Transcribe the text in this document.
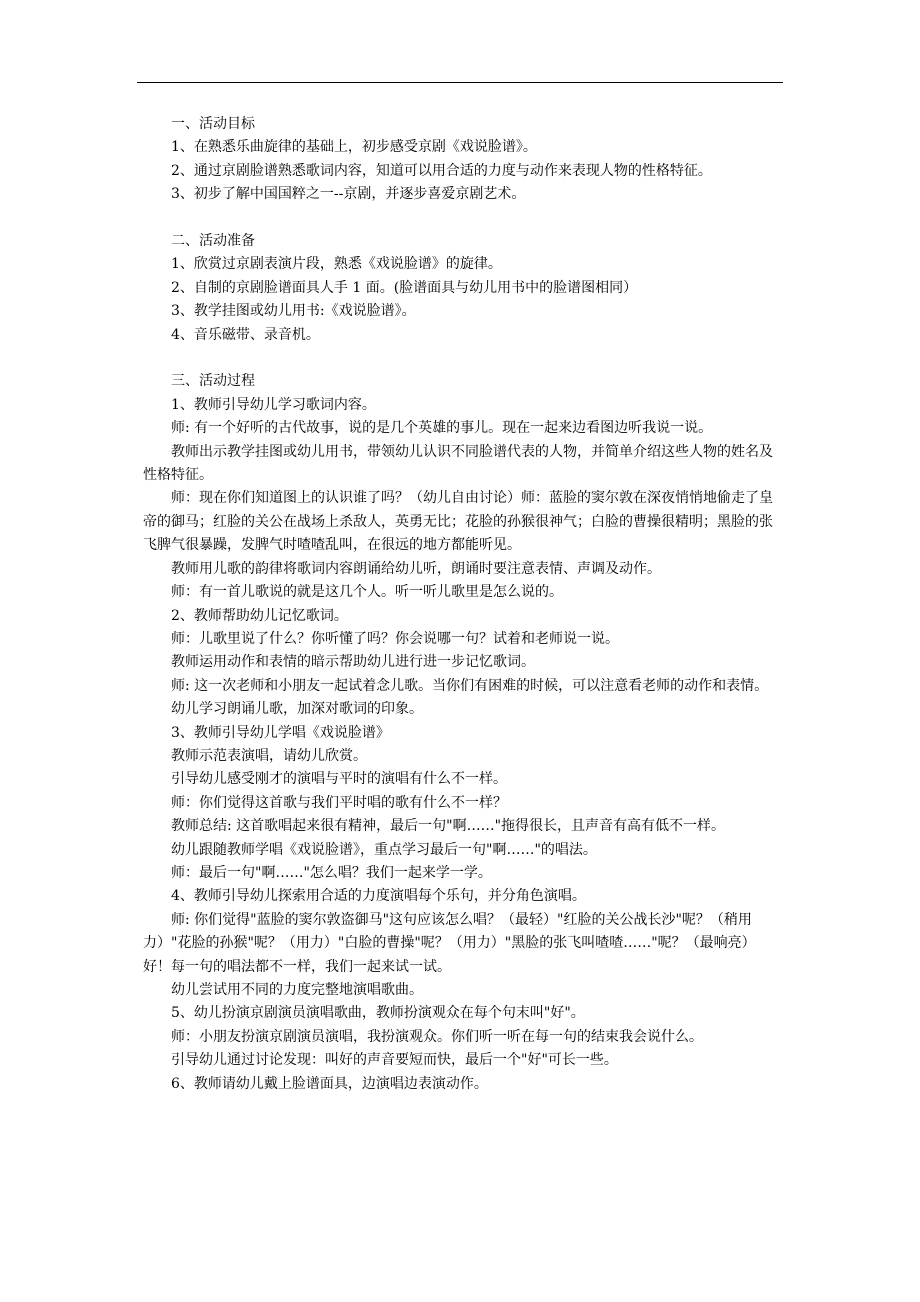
一、活动目标

1、在熟悉乐曲旋律的基础上，初步感受京剧《戏说脸谱》。

2、通过京剧脸谱熟悉歌词内容，知道可以用合适的力度与动作来表现人物的性格特征。

3、初步了解中国国粹之一--京剧，并逐步喜爱京剧艺术。

二、活动准备

1、欣赏过京剧表演片段，熟悉《戏说脸谱》的旋律。

2、自制的京剧脸谱面具人手 1 面。(脸谱面具与幼儿用书中的脸谱图相同）

3、教学挂图或幼儿用书:《戏说脸谱》。

4、音乐磁带、录音机。

三、活动过程

1、教师引导幼儿学习歌词内容。

师: 有一个好听的古代故事，说的是几个英雄的事儿。现在一起来边看图边听我说一说。

教师出示教学挂图或幼儿用书，带领幼儿认识不同脸谱代表的人物，并简单介绍这些人物的姓名及性格特征。

师：现在你们知道图上的认识谁了吗？（幼儿自由讨论）师：蓝脸的窦尔敦在深夜悄悄地偷走了皇帝的御马；红脸的关公在战场上杀敌人，英勇无比；花脸的孙猴很神气；白脸的曹操很精明；黑脸的张飞脾气很暴躁，发脾气时喳喳乱叫，在很远的地方都能听见。

教师用儿歌的韵律将歌词内容朗诵给幼儿听，朗诵时要注意表情、声调及动作。

师：有一首儿歌说的就是这几个人。听一听儿歌里是怎么说的。

2、教师帮助幼儿记忆歌词。

师：儿歌里说了什么？你听懂了吗？你会说哪一句？试着和老师说一说。

教师运用动作和表情的暗示帮助幼儿进行进一步记忆歌词。

师: 这一次老师和小朋友一起试着念儿歌。当你们有困难的时候，可以注意看老师的动作和表情。

幼儿学习朗诵儿歌，加深对歌词的印象。

3、教师引导幼儿学唱《戏说脸谱》

教师示范表演唱，请幼儿欣赏。

引导幼儿感受刚才的演唱与平时的演唱有什么不一样。

师：你们觉得这首歌与我们平时唱的歌有什么不一样？

教师总结: 这首歌唱起来很有精神，最后一句"啊……"拖得很长，且声音有高有低不一样。

幼儿跟随教师学唱《戏说脸谱》，重点学习最后一句"啊……"的唱法。

师：最后一句"啊……"怎么唱？我们一起来学一学。

4、教师引导幼儿探索用合适的力度演唱每个乐句，并分角色演唱。

师: 你们觉得"蓝脸的窦尔敦盗御马"这句应该怎么唱？（最轻）"红脸的关公战长沙"呢？（稍用力）"花脸的孙猴"呢？（用力）"白脸的曹操"呢？（用力）"黑脸的张飞叫喳喳……"呢？（最响亮）好！每一句的唱法都不一样，我们一起来试一试。

幼儿尝试用不同的力度完整地演唱歌曲。

5、幼儿扮演京剧演员演唱歌曲，教师扮演观众在每个句末叫"好"。

师：小朋友扮演京剧演员演唱，我扮演观众。你们听一听在每一句的结束我会说什么。

引导幼儿通过讨论发现：叫好的声音要短而快，最后一个"好"可长一些。

6、教师请幼儿戴上脸谱面具，边演唱边表演动作。
